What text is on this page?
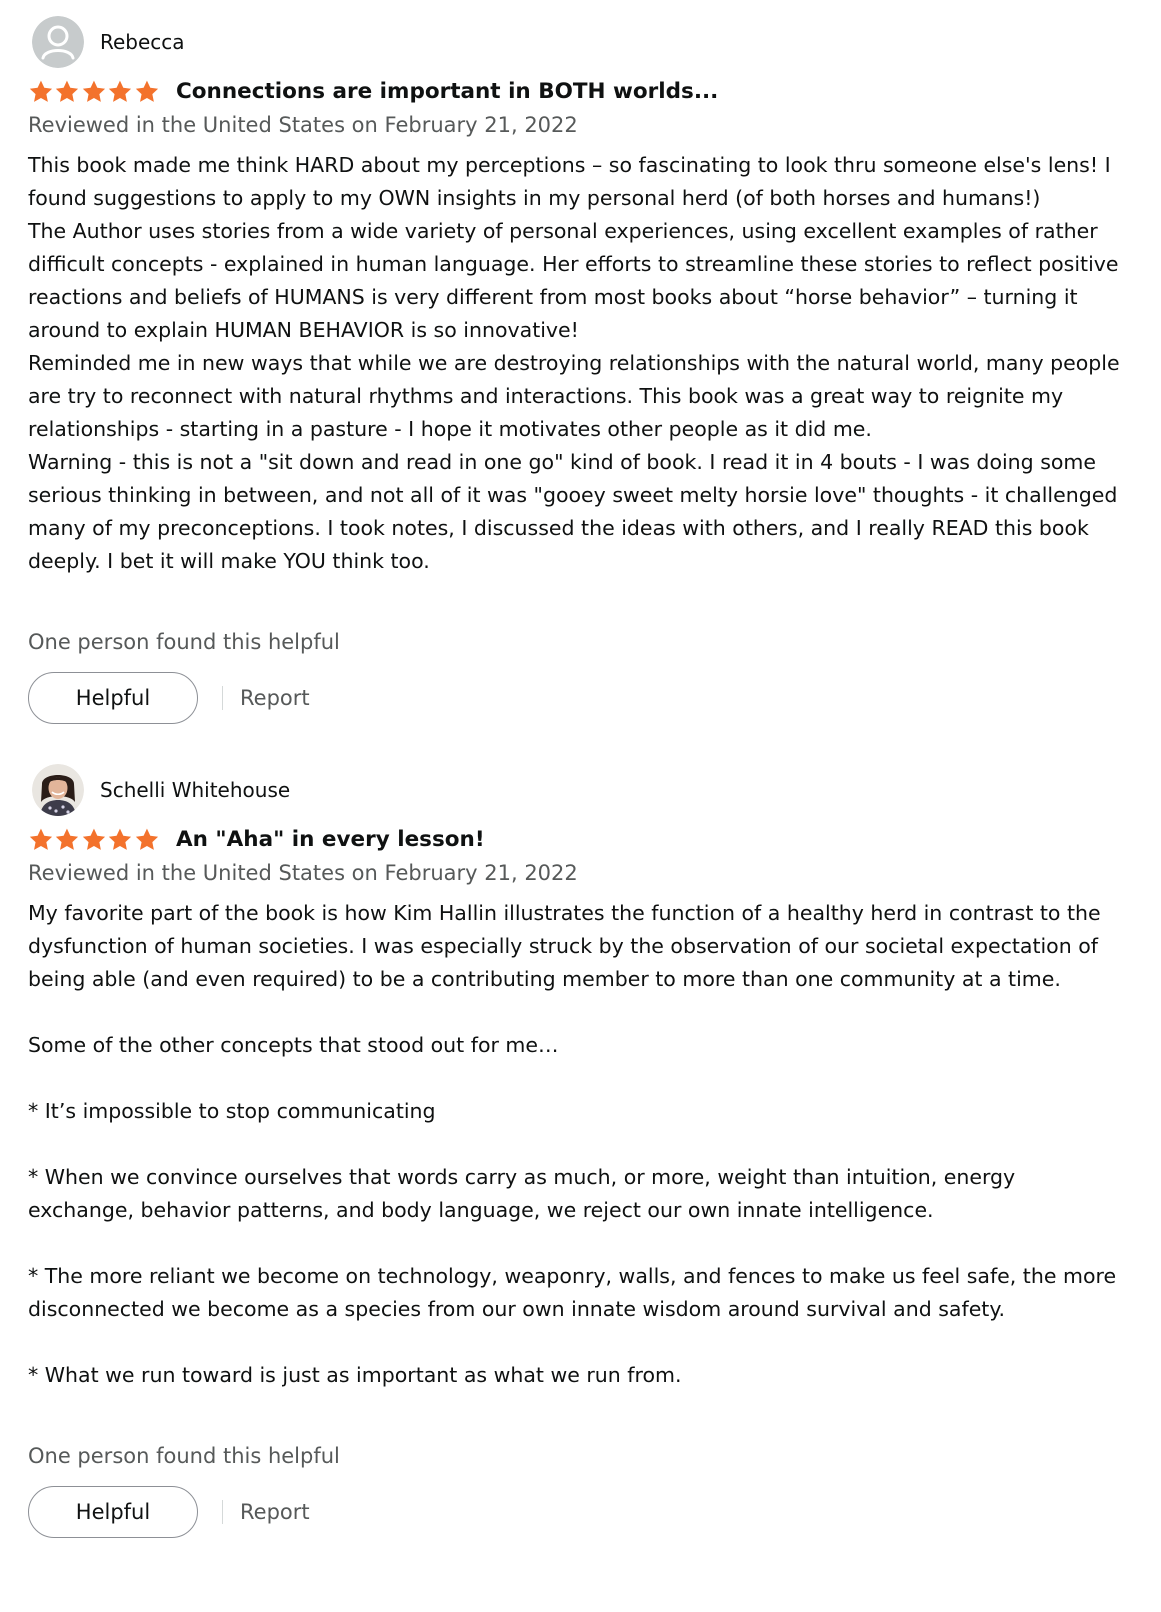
Rebecca
Connections are important in BOTH worlds...
Reviewed in the United States on February 21, 2022

This book made me think HARD about my perceptions – so fascinating to look thru someone else's lens! I found suggestions to apply to my OWN insights in my personal herd (of both horses and humans!)

The Author uses stories from a wide variety of personal experiences, using excellent examples of rather difficult concepts - explained in human language. Her efforts to streamline these stories to reflect positive reactions and beliefs of HUMANS is very different from most books about “horse behavior” – turning it around to explain HUMAN BEHAVIOR is so innovative!

Reminded me in new ways that while we are destroying relationships with the natural world, many people are try to reconnect with natural rhythms and interactions. This book was a great way to reignite my relationships - starting in a pasture - I hope it motivates other people as it did me.

Warning - this is not a "sit down and read in one go" kind of book. I read it in 4 bouts - I was doing some serious thinking in between, and not all of it was "gooey sweet melty horsie love" thoughts - it challenged many of my preconceptions. I took notes, I discussed the ideas with others, and I really READ this book deeply. I bet it will make YOU think too.

One person found this helpful
Helpful	Report
Schelli Whitehouse
An "Aha" in every lesson!
Reviewed in the United States on February 21, 2022

My favorite part of the book is how Kim Hallin illustrates the function of a healthy herd in contrast to the dysfunction of human societies. I was especially struck by the observation of our societal expectation of being able (and even required) to be a contributing member to more than one community at a time.

Some of the other concepts that stood out for me…

* It’s impossible to stop communicating

* When we convince ourselves that words carry as much, or more, weight than intuition, energy exchange, behavior patterns, and body language, we reject our own innate intelligence.

* The more reliant we become on technology, weaponry, walls, and fences to make us feel safe, the more disconnected we become as a species from our own innate wisdom around survival and safety.

* What we run toward is just as important as what we run from.

One person found this helpful
Helpful	Report
